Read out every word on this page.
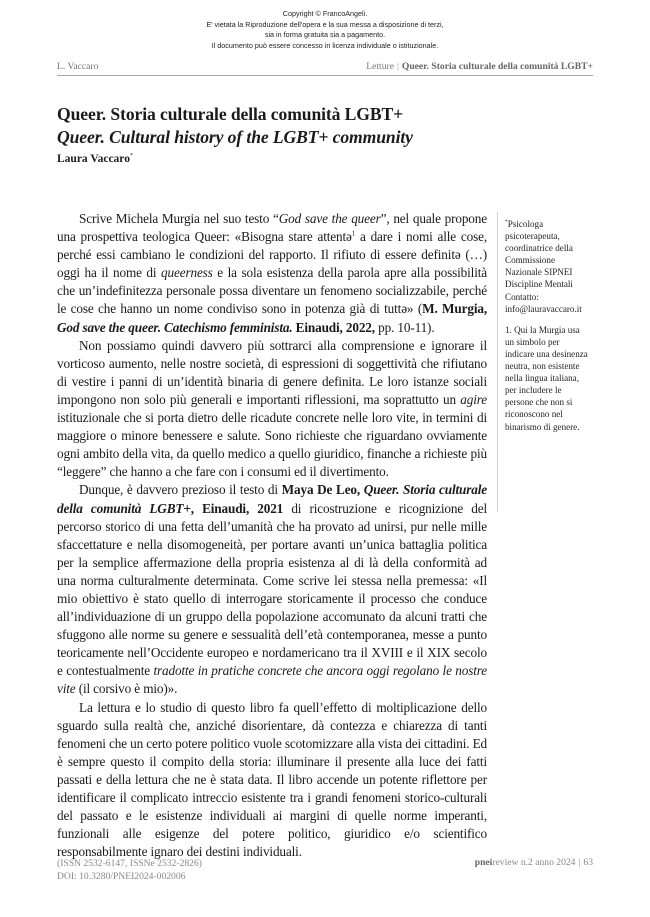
Copyright © FrancoAngeli.
E' vietata la Riproduzione dell'opera e la sua messa a disposizione di terzi,
sia in forma gratuita sia a pagamento.
Il documento può essere concesso in licenza individuale o istituzionale.
L. Vaccaro	Letture | Queer. Storia culturale della comunità LGBT+
Queer. Storia culturale della comunità LGBT+
Queer. Cultural history of the LGBT+ community
Laura Vaccaro*

Scrive Michela Murgia nel suo testo “God save the queer”, nel quale propone una prospettiva teologica Queer: «Bisogna stare attentə$^1$ a dare i nomi alle cose, perché essi cambiano le condizioni del rapporto. Il rifiuto di essere definitə (…) oggi ha il nome di queerness e la sola esistenza della parola apre alla possibilità che un’indefinitezza personale possa diventare un fenomeno socializzabile, perché le cose che hanno un nome condiviso sono in potenza già di tuttə» (M. Murgia, God save the queer. Catechismo femminista. Einaudi, 2022, pp. 10-11).

Non possiamo quindi davvero più sottrarci alla comprensione e ignorare il vorticoso aumento, nelle nostre società, di espressioni di soggettività che rifiutano di vestire i panni di un’identità binaria di genere definita. Le loro istanze sociali impongono non solo più generali e importanti riflessioni, ma soprattutto un agire istituzionale che si porta dietro delle ricadute concrete nelle loro vite, in termini di maggiore o minore benessere e salute. Sono richieste che riguardano ovviamente ogni ambito della vita, da quello medico a quello giuridico, finanche a richieste più “leggere” che hanno a che fare con i consumi ed il divertimento.

Dunque, è davvero prezioso il testo di Maya De Leo, Queer. Storia culturale della comunità LGBT+, Einaudi, 2021 di ricostruzione e ricognizione del percorso storico di una fetta dell’umanità che ha provato ad unirsi, pur nelle mille sfaccettature e nella disomogeneità, per portare avanti un’unica battaglia politica per la semplice affermazione della propria esistenza al di là della conformità ad una norma culturalmente determinata. Come scrive lei stessa nella premessa: «Il mio obiettivo è stato quello di interrogare storicamente il processo che conduce all’individuazione di un gruppo della popolazione accomunato da alcuni tratti che sfuggono alle norme su genere e sessualità dell’età contemporanea, messe a punto teoricamente nell’Occidente europeo e nordamericano tra il XVIII e il XIX secolo e contestualmente tradotte in pratiche concrete che ancora oggi regolano le nostre vite (il corsivo è mio)».

La lettura e lo studio di questo libro fa quell’effetto di moltiplicazione dello sguardo sulla realtà che, anziché disorientare, dà contezza e chiarezza di tanti fenomeni che un certo potere politico vuole scotomizzare alla vista dei cittadini. Ed è sempre questo il compito della storia: illuminare il presente alla luce dei fatti passati e della lettura che ne è stata data. Il libro accende un potente riflettore per identificare il complicato intreccio esistente tra i grandi fenomeni storico-culturali del passato e le esistenze individuali ai margini di quelle norme imperanti, funzionali alle esigenze del potere politico, giuridico e/o scientifico responsabilmente ignaro dei destini individuali.

*Psicologa psicoterapeuta, coordinatrice della Commissione Nazionale SIPNEI Discipline Mentali Contatto: info@lauravaccaro.it

1. Qui la Murgia usa un simbolo per indicare una desinenza neutra, non esistente nella lingua italiana, per includere le persone che non si riconoscono nel binarismo di genere.

(ISSN 2532-6147, ISSNe 2532-2826)
DOI: 10.3280/PNEI2024-002006
pneireview n.2 anno 2024 | 63
